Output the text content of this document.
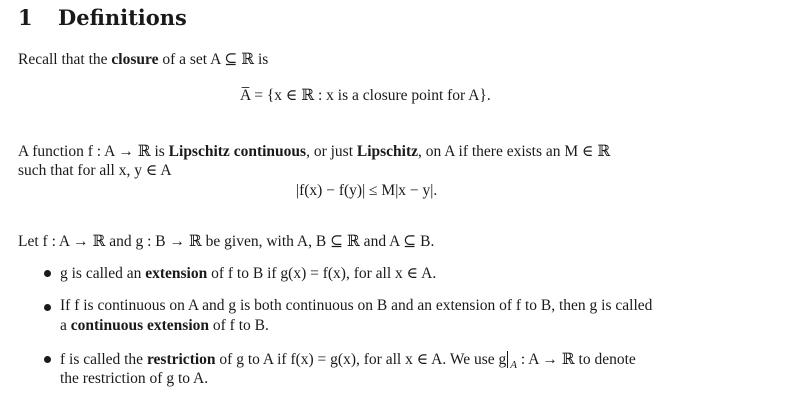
1 Definitions
Recall that the closure of a set A ⊆ ℝ is
A̅ = {x ∈ ℝ : x is a closure point for A}.
A function f : A → ℝ is Lipschitz continuous, or just Lipschitz, on A if there exists an M ∈ ℝ
such that for all x, y ∈ A
|f(x) − f(y)| ≤ M|x − y|.
Let f : A → ℝ and g : B → ℝ be given, with A, B ⊆ ℝ and A ⊆ B.
g is called an extension of f to B if g(x) = f(x), for all x ∈ A.
If f is continuous on A and g is both continuous on B and an extension of f to B, then g is called
a continuous extension of f to B.
f is called the restriction of g to A if f(x) = g(x), for all x ∈ A. We use g $_A$ : A → ℝ to denote
the restriction of g to A.
